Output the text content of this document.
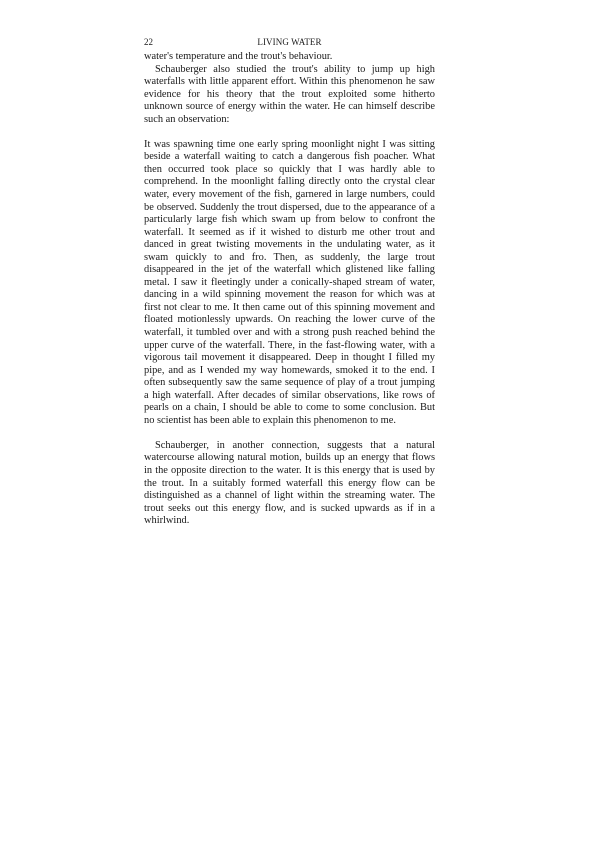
22	LIVING WATER

water's temperature and the trout's behaviour.

Schauberger also studied the trout's ability to jump up high waterfalls with little apparent effort. Within this phenomenon he saw evidence for his theory that the trout exploited some hitherto unknown source of energy within the water. He can himself describe such an observation:

It was spawning time one early spring moonlight night I was sitting beside a waterfall waiting to catch a dangerous fish poacher. What then occurred took place so quickly that I was hardly able to comprehend. In the moonlight falling directly onto the crystal clear water, every movement of the fish, garnered in large numbers, could be observed. Suddenly the trout dispersed, due to the appearance of a particularly large fish which swam up from below to confront the waterfall. It seemed as if it wished to disturb me other trout and danced in great twisting movements in the undulating water, as it swam quickly to and fro. Then, as suddenly, the large trout disappeared in the jet of the waterfall which glistened like falling metal. I saw it fleetingly under a conically-shaped stream of water, dancing in a wild spinning movement the reason for which was at first not clear to me. It then came out of this spinning movement and floated motionlessly upwards. On reaching the lower curve of the waterfall, it tumbled over and with a strong push reached behind the upper curve of the waterfall. There, in the fast-flowing water, with a vigorous tail movement it disappeared. Deep in thought I filled my pipe, and as I wended my way homewards, smoked it to the end. I often subsequently saw the same sequence of play of a trout jumping a high waterfall. After decades of similar observations, like rows of pearls on a chain, I should be able to come to some conclusion. But no scientist has been able to explain this phenomenon to me.

Schauberger, in another connection, suggests that a natural watercourse allowing natural motion, builds up an energy that flows in the opposite direction to the water. It is this energy that is used by the trout. In a suitably formed waterfall this energy flow can be distinguished as a channel of light within the streaming water. The trout seeks out this energy flow, and is sucked upwards as if in a whirlwind.
